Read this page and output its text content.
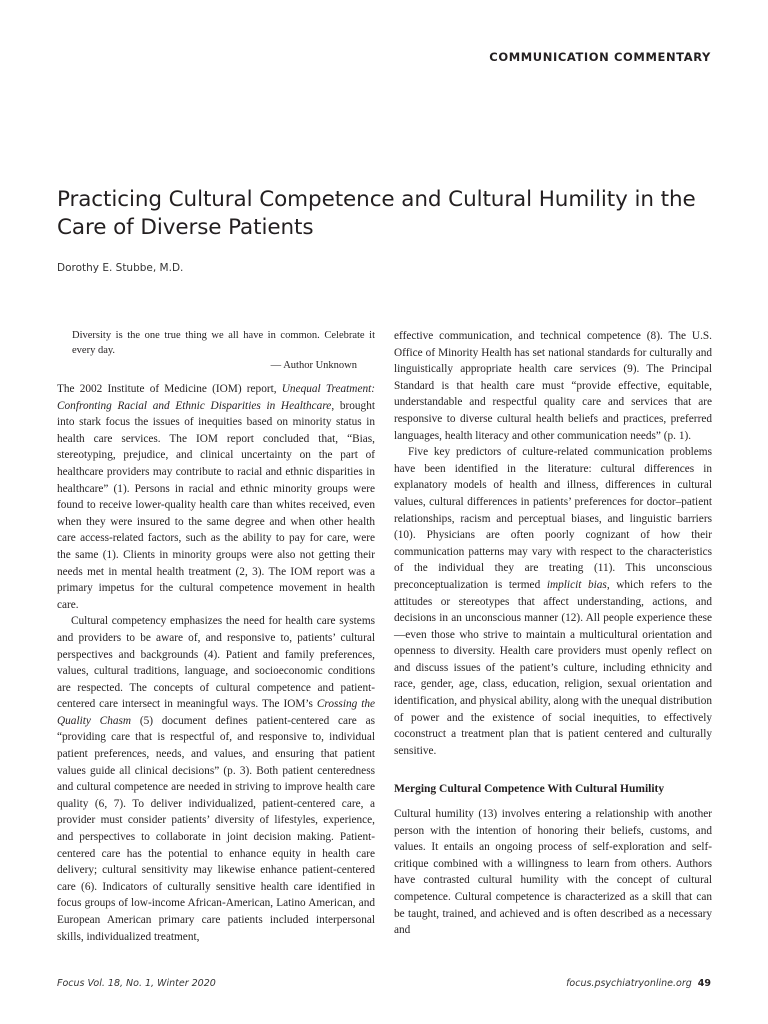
COMMUNICATION COMMENTARY
Practicing Cultural Competence and Cultural Humility in the Care of Diverse Patients
Dorothy E. Stubbe, M.D.

Diversity is the one true thing we all have in common. Celebrate it every day.

— Author Unknown

The 2002 Institute of Medicine (IOM) report, Unequal Treatment: Confronting Racial and Ethnic Disparities in Healthcare, brought into stark focus the issues of inequities based on minority status in health care services. The IOM report concluded that, “Bias, stereotyping, prejudice, and clinical uncertainty on the part of healthcare providers may contribute to racial and ethnic disparities in healthcare” (1). Persons in racial and ethnic minority groups were found to receive lower-quality health care than whites received, even when they were insured to the same degree and when other health care access-related factors, such as the ability to pay for care, were the same (1). Clients in minority groups were also not getting their needs met in mental health treatment (2, 3). The IOM report was a primary impetus for the cultural competence movement in health care.

Cultural competency emphasizes the need for health care systems and providers to be aware of, and responsive to, patients’ cultural perspectives and backgrounds (4). Patient and family preferences, values, cultural traditions, language, and socioeconomic conditions are respected. The concepts of cultural competence and patient-centered care intersect in meaningful ways. The IOM’s Crossing the Quality Chasm (5) document defines patient-centered care as “providing care that is respectful of, and responsive to, individual patient preferences, needs, and values, and ensuring that patient values guide all clinical decisions” (p. 3). Both patient centeredness and cultural competence are needed in striving to improve health care quality (6, 7). To deliver individualized, patient-centered care, a provider must consider patients’ diversity of lifestyles, experience, and perspectives to collaborate in joint decision making. Patient-centered care has the potential to enhance equity in health care delivery; cultural sensitivity may likewise enhance patient-centered care (6). Indicators of culturally sensitive health care identified in focus groups of low-income African-American, Latino American, and European American primary care patients included interpersonal skills, individualized treatment,

effective communication, and technical competence (8). The U.S. Office of Minority Health has set national standards for culturally and linguistically appropriate health care services (9). The Principal Standard is that health care must “provide effective, equitable, understandable and respectful quality care and services that are responsive to diverse cultural health beliefs and practices, preferred languages, health literacy and other communication needs” (p. 1).

Five key predictors of culture-related communication problems have been identified in the literature: cultural differences in explanatory models of health and illness, differences in cultural values, cultural differences in patients’ preferences for doctor–patient relationships, racism and perceptual biases, and linguistic barriers (10). Physicians are often poorly cognizant of how their communication patterns may vary with respect to the characteristics of the individual they are treating (11). This unconscious preconceptualization is termed implicit bias, which refers to the attitudes or stereotypes that affect understanding, actions, and decisions in an unconscious manner (12). All people experience these—even those who strive to maintain a multicultural orientation and openness to diversity. Health care providers must openly reflect on and discuss issues of the patient’s culture, including ethnicity and race, gender, age, class, education, religion, sexual orientation and identification, and physical ability, along with the unequal distribution of power and the existence of social inequities, to effectively coconstruct a treatment plan that is patient centered and culturally sensitive.

Merging Cultural Competence With Cultural Humility

Cultural humility (13) involves entering a relationship with another person with the intention of honoring their beliefs, customs, and values. It entails an ongoing process of self-exploration and self-critique combined with a willingness to learn from others. Authors have contrasted cultural humility with the concept of cultural competence. Cultural competence is characterized as a skill that can be taught, trained, and achieved and is often described as a necessary and

Focus Vol. 18, No. 1, Winter 2020	focus.psychiatryonline.org 49
